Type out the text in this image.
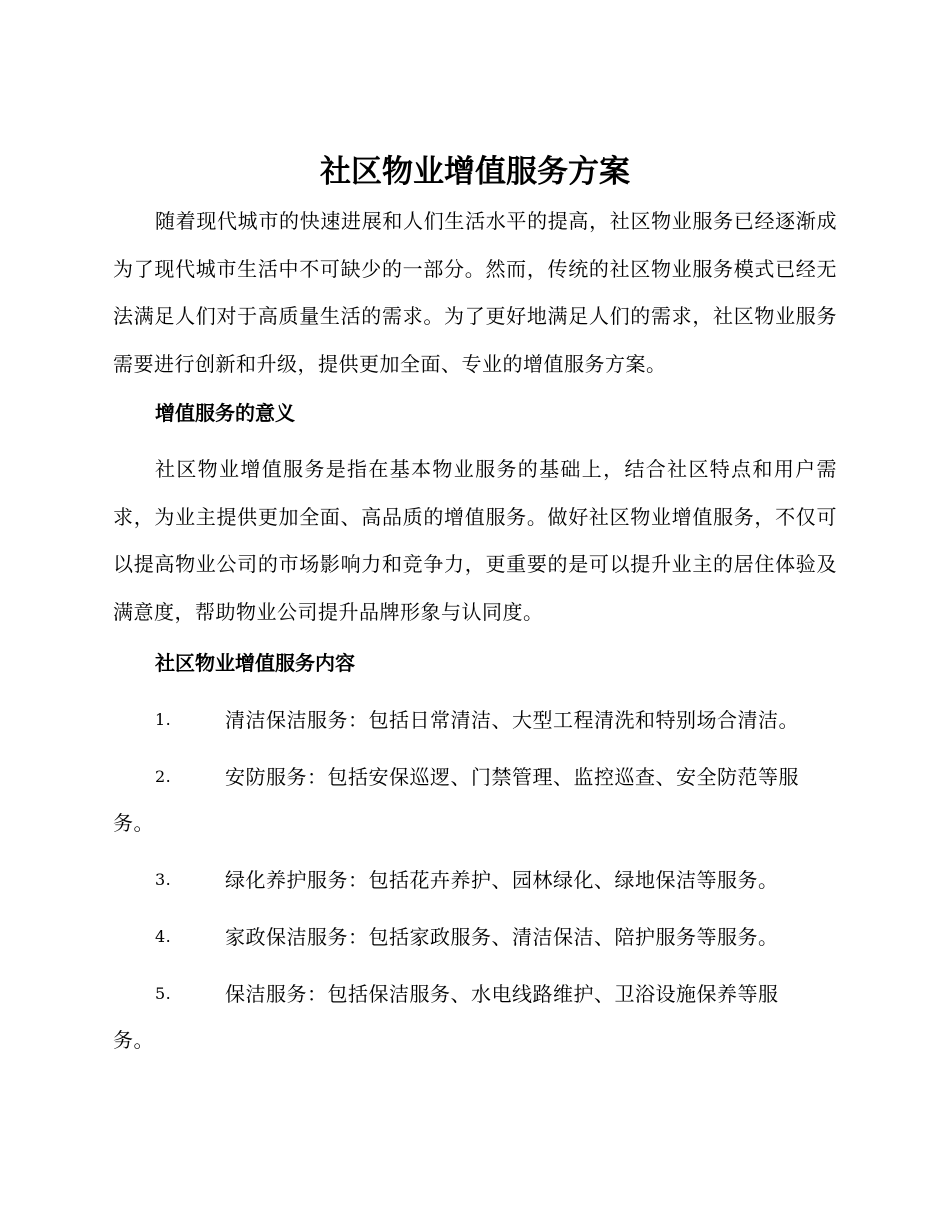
社区物业增值服务方案

随着现代城市的快速进展和人们生活水平的提高，社区物业服务已经逐渐成为了现代城市生活中不可缺少的一部分。然而，传统的社区物业服务模式已经无法满足人们对于高质量生活的需求。为了更好地满足人们的需求，社区物业服务需要进行创新和升级，提供更加全面、专业的增值服务方案。

增值服务的意义

社区物业增值服务是指在基本物业服务的基础上，结合社区特点和用户需求，为业主提供更加全面、高品质的增值服务。做好社区物业增值服务，不仅可以提高物业公司的市场影响力和竞争力，更重要的是可以提升业主的居住体验及满意度，帮助物业公司提升品牌形象与认同度。

社区物业增值服务内容
1.	清洁保洁服务：包括日常清洁、大型工程清洗和特别场合清洁。
2.	安防服务：包括安保巡逻、门禁管理、监控巡查、安全防范等服
务。
3.	绿化养护服务：包括花卉养护、园林绿化、绿地保洁等服务。
4.	家政保洁服务：包括家政服务、清洁保洁、陪护服务等服务。
5.	保洁服务：包括保洁服务、水电线路维护、卫浴设施保养等服
务。
